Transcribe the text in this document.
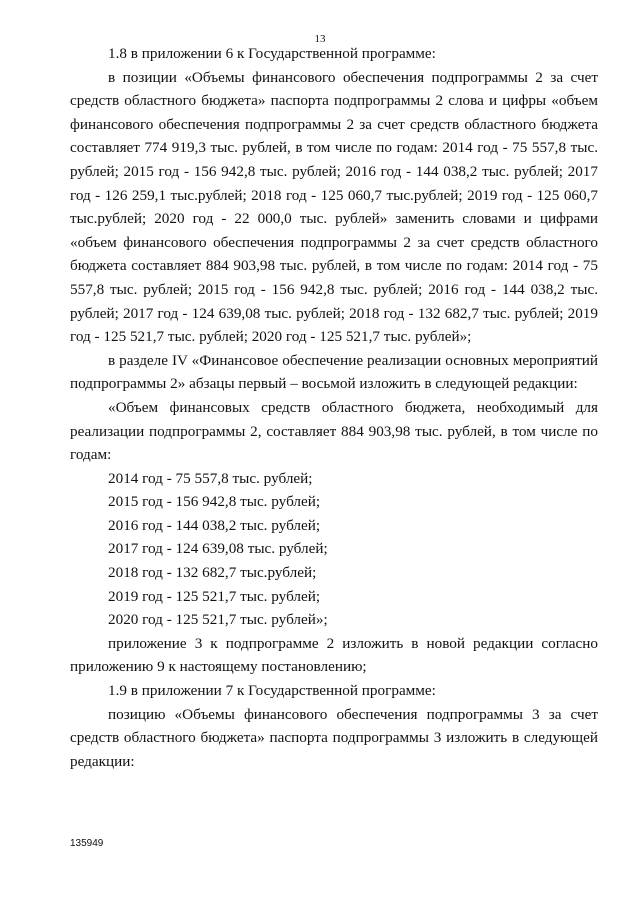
13

1.8 в приложении 6 к Государственной программе:

в позиции «Объемы финансового обеспечения подпрограммы 2 за счет средств областного бюджета» паспорта подпрограммы 2 слова и цифры «объем финансового обеспечения подпрограммы 2 за счет средств областного бюджета составляет 774 919,3 тыс. рублей, в том числе по годам: 2014 год - 75 557,8 тыс. рублей; 2015 год - 156 942,8 тыс. рублей; 2016 год - 144 038,2 тыс. рублей; 2017 год - 126 259,1 тыс.рублей; 2018 год - 125 060,7 тыс.рублей; 2019 год - 125 060,7 тыс.рублей; 2020 год - 22 000,0 тыс. рублей» заменить словами и цифрами «объем финансового обеспечения подпрограммы 2 за счет средств областного бюджета составляет 884 903,98 тыс. рублей, в том числе по годам: 2014 год - 75 557,8 тыс. рублей; 2015 год - 156 942,8 тыс. рублей; 2016 год - 144 038,2 тыс. рублей; 2017 год - 124 639,08 тыс. рублей; 2018 год - 132 682,7 тыс. рублей; 2019 год - 125 521,7 тыс. рублей; 2020 год - 125 521,7 тыс. рублей»;

в разделе IV «Финансовое обеспечение реализации основных мероприятий подпрограммы 2» абзацы первый – восьмой изложить в следующей редакции:

«Объем финансовых средств областного бюджета, необходимый для реализации подпрограммы 2, составляет 884 903,98 тыс. рублей, в том числе по годам:

2014 год - 75 557,8 тыс. рублей;
2015 год - 156 942,8 тыс. рублей;
2016 год - 144 038,2 тыс. рублей;
2017 год - 124 639,08 тыс. рублей;
2018 год - 132 682,7 тыс.рублей;
2019 год - 125 521,7 тыс. рублей;
2020 год - 125 521,7 тыс. рублей»;

приложение 3 к подпрограмме 2 изложить в новой редакции согласно приложению 9 к настоящему постановлению;

1.9 в приложении 7 к Государственной программе:

позицию «Объемы финансового обеспечения подпрограммы 3 за счет средств областного бюджета» паспорта подпрограммы 3 изложить в следующей редакции:

135949
